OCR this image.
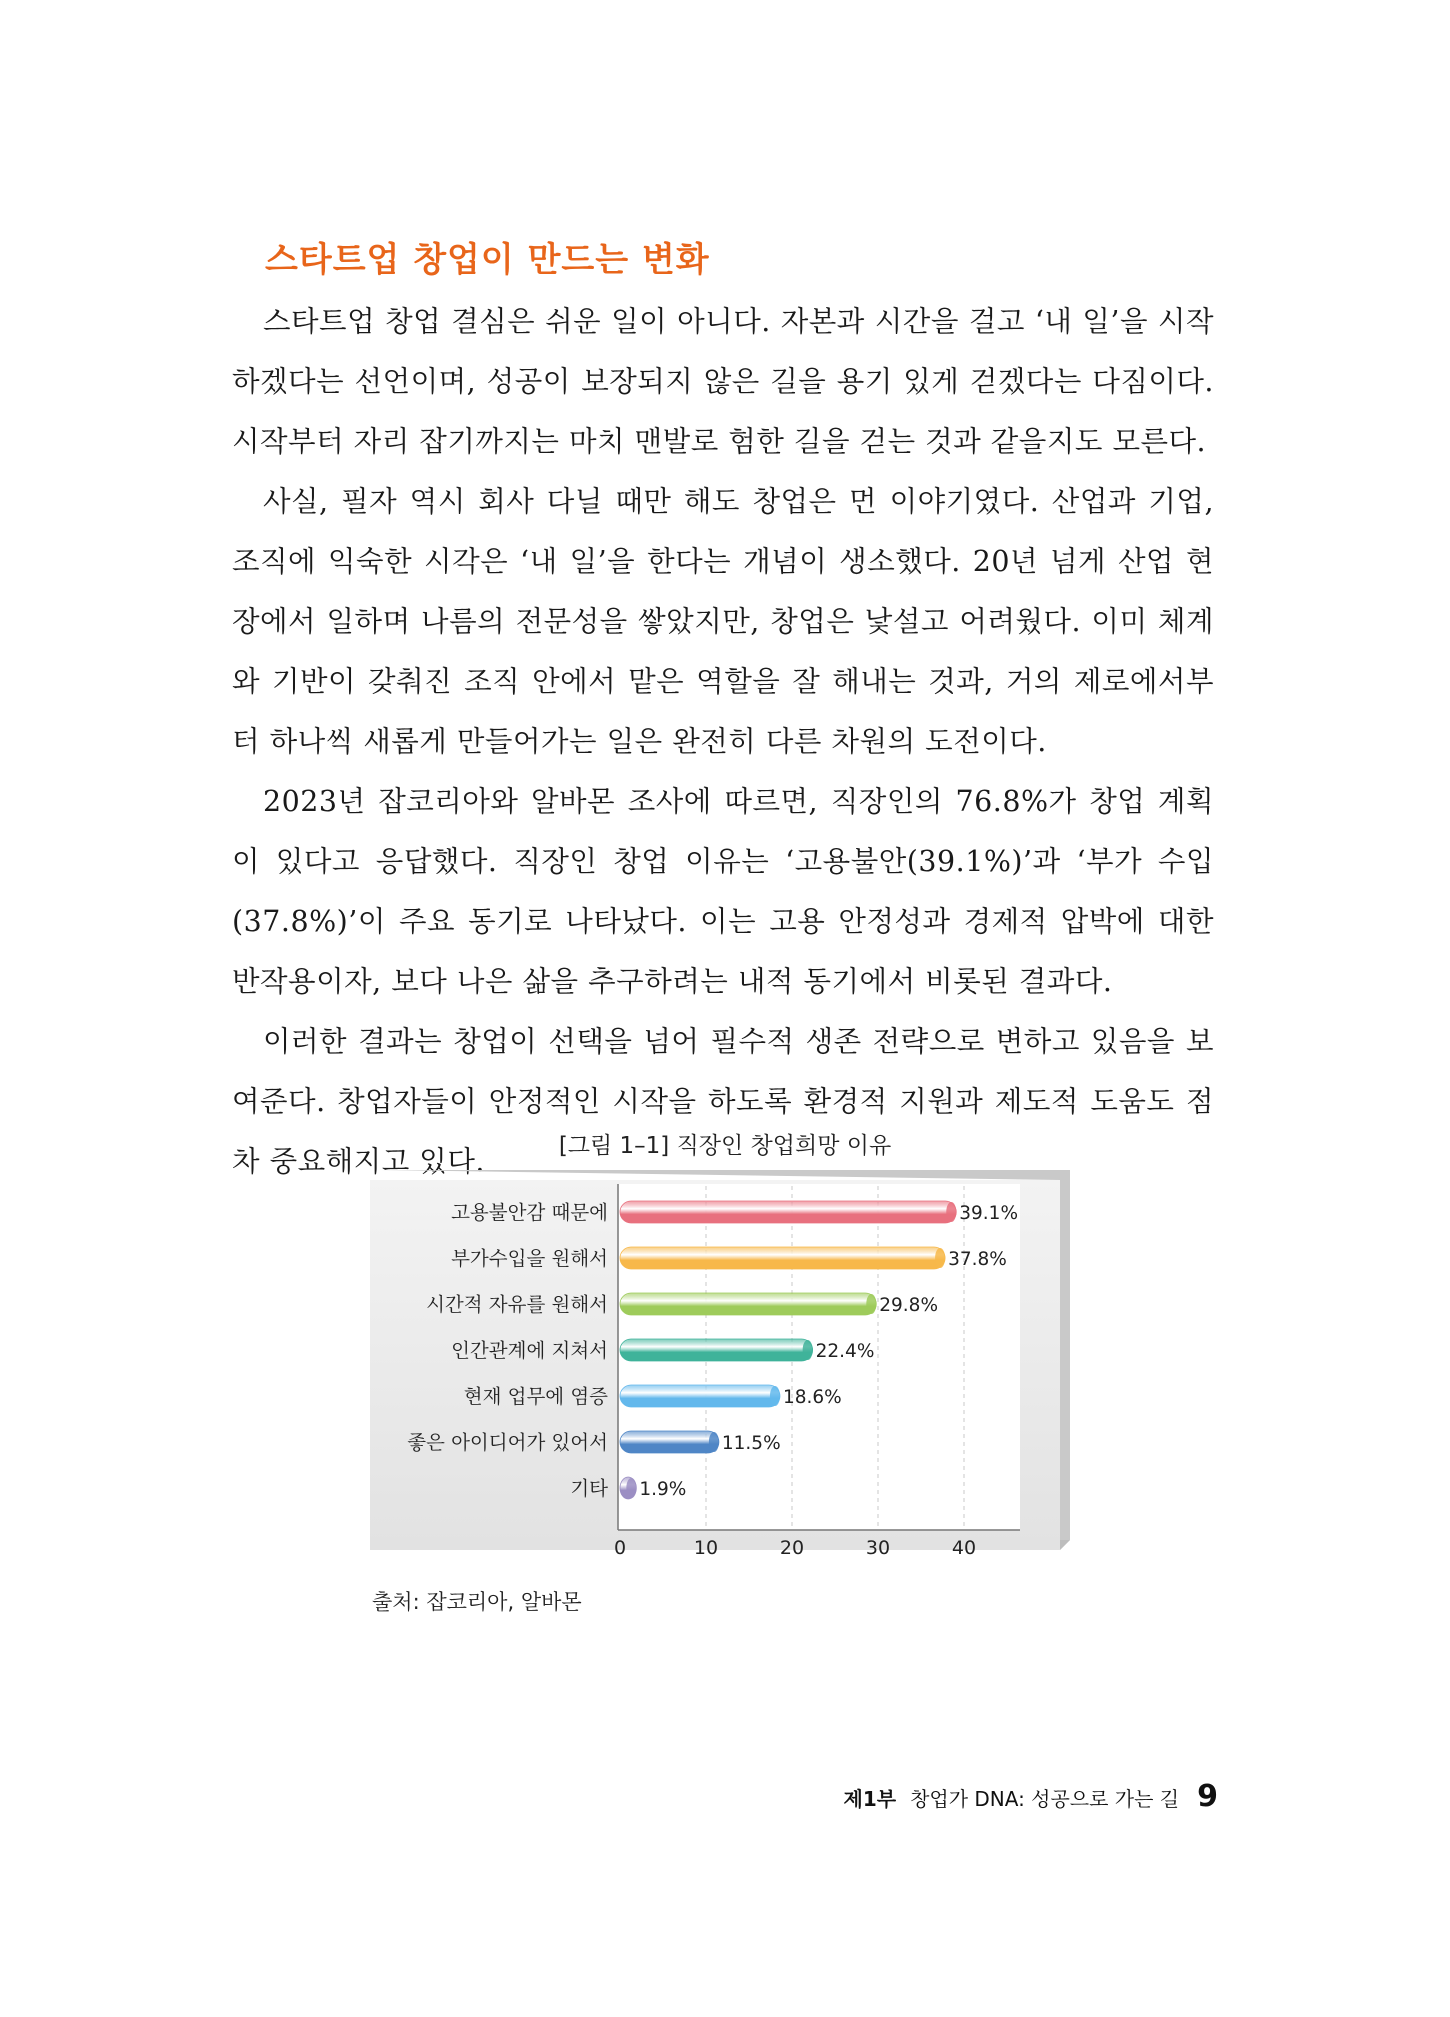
스타트업 창업이 만드는 변화

스타트업 창업 결심은 쉬운 일이 아니다. 자본과 시간을 걸고 ‘내 일’을 시작하겠다는 선언이며, 성공이 보장되지 않은 길을 용기 있게 걷겠다는 다짐이다. 시작부터 자리 잡기까지는 마치 맨발로 험한 길을 걷는 것과 같을지도 모른다.

사실, 필자 역시 회사 다닐 때만 해도 창업은 먼 이야기였다. 산업과 기업, 조직에 익숙한 시각은 ‘내 일’을 한다는 개념이 생소했다. 20년 넘게 산업 현장에서 일하며 나름의 전문성을 쌓았지만, 창업은 낯설고 어려웠다. 이미 체계와 기반이 갖춰진 조직 안에서 맡은 역할을 잘 해내는 것과, 거의 제로에서부터 하나씩 새롭게 만들어가는 일은 완전히 다른 차원의 도전이다.

2023년 잡코리아와 알바몬 조사에 따르면, 직장인의 76.8%가 창업 계획이 있다고 응답했다. 직장인 창업 이유는 ‘고용불안(39.1%)’과 ‘부가 수입(37.8%)’이 주요 동기로 나타났다. 이는 고용 안정성과 경제적 압박에 대한 반작용이자, 보다 나은 삶을 추구하려는 내적 동기에서 비롯된 결과다.

이러한 결과는 창업이 선택을 넘어 필수적 생존 전략으로 변하고 있음을 보여준다. 창업자들이 안정적인 시작을 하도록 환경적 지원과 제도적 도움도 점차 중요해지고 있다.	[그림 1–1] 직장인 창업희망 이유
0	10	20	30	40
고용불안감 때문에	39.1%
부가수입을 원해서	37.8%
시간적 자유를 원해서	29.8%
인간관계에 지쳐서	22.4%
현재 업무에 염증	18.6%
좋은 아이디어가 있어서	11.5%
기타 1.9%
출처: 잡코리아, 알바몬
제1부 창업가 DNA: 성공으로 가는 길 9
